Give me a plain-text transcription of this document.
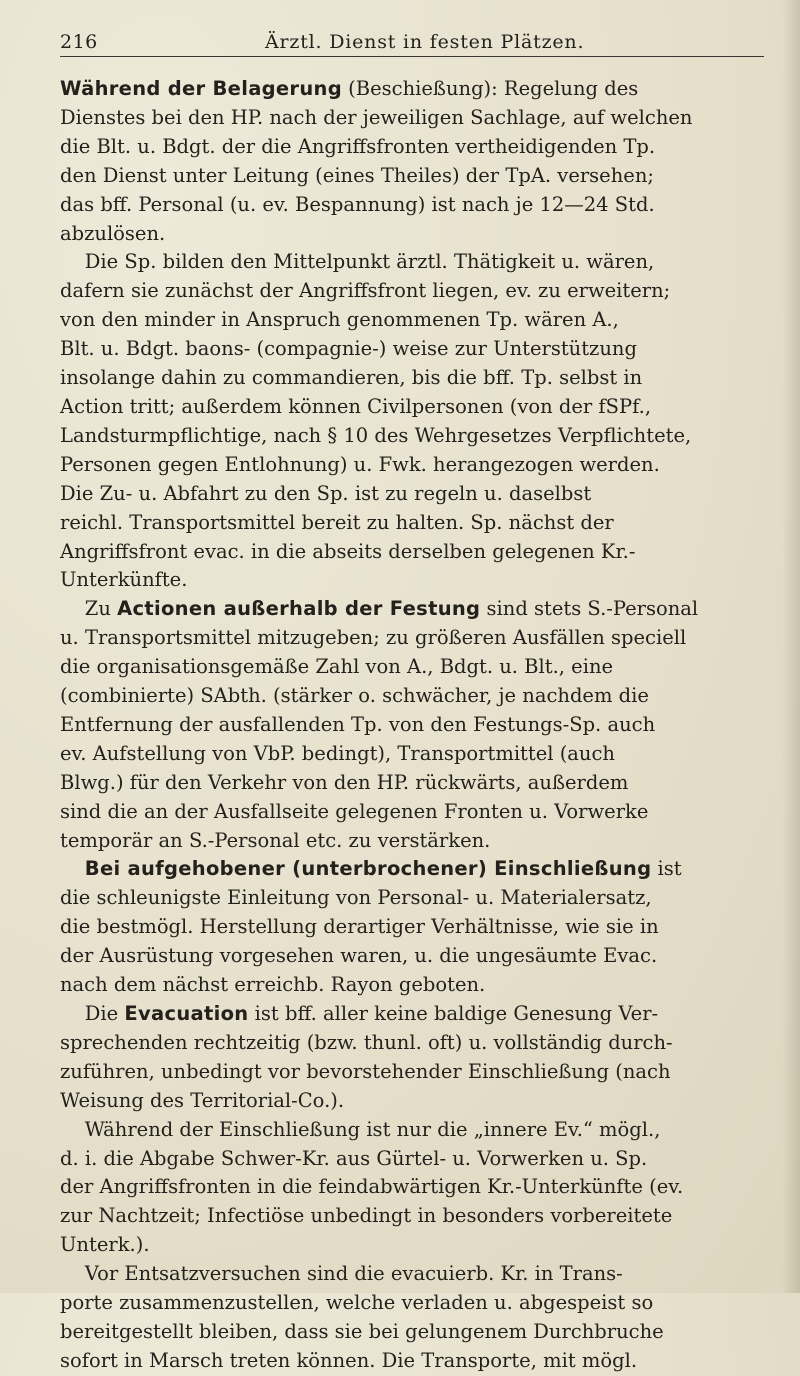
216	Ärztl. Dienst in festen Plätzen.
Während der Belagerung (Beschießung): Regelung des
Dienstes bei den HP. nach der jeweiligen Sachlage, auf welchen
die Blt. u. Bdgt. der die Angriffsfronten vertheidigenden Tp.
den Dienst unter Leitung (eines Theiles) der TpA. versehen;
das bff. Personal (u. ev. Bespannung) ist nach je 12—24 Std.
abzulösen.
Die Sp. bilden den Mittelpunkt ärztl. Thätigkeit u. wären,
dafern sie zunächst der Angriffsfront liegen, ev. zu erweitern;
von den minder in Anspruch genommenen Tp. wären A.,
Blt. u. Bdgt. baons- (compagnie-) weise zur Unterstützung
insolange dahin zu commandieren, bis die bff. Tp. selbst in
Action tritt; außerdem können Civilpersonen (von der fSPf.,
Landsturmpflichtige, nach § 10 des Wehrgesetzes Verpflichtete,
Personen gegen Entlohnung) u. Fwk. herangezogen werden.
Die Zu- u. Abfahrt zu den Sp. ist zu regeln u. daselbst
reichl. Transportsmittel bereit zu halten. Sp. nächst der
Angriffsfront evac. in die abseits derselben gelegenen Kr.-
Unterkünfte.
Zu Actionen außerhalb der Festung sind stets S.-Personal
u. Transportsmittel mitzugeben; zu größeren Ausfällen speciell
die organisationsgemäße Zahl von A., Bdgt. u. Blt., eine
(combinierte) SAbth. (stärker o. schwächer, je nachdem die
Entfernung der ausfallenden Tp. von den Festungs-Sp. auch
ev. Aufstellung von VbP. bedingt), Transportmittel (auch
Blwg.) für den Verkehr von den HP. rückwärts, außerdem
sind die an der Ausfallseite gelegenen Fronten u. Vorwerke
temporär an S.-Personal etc. zu verstärken.
Bei aufgehobener (unterbrochener) Einschließung ist
die schleunigste Einleitung von Personal- u. Materialersatz,
die bestmögl. Herstellung derartiger Verhältnisse, wie sie in
der Ausrüstung vorgesehen waren, u. die ungesäumte Evac.
nach dem nächst erreichb. Rayon geboten.
Die Evacuation ist bff. aller keine baldige Genesung Ver-
sprechenden rechtzeitig (bzw. thunl. oft) u. vollständig durch-
zuführen, unbedingt vor bevorstehender Einschließung (nach
Weisung des Territorial-Co.).
Während der Einschließung ist nur die „innere Ev.“ mögl.,
d. i. die Abgabe Schwer-Kr. aus Gürtel- u. Vorwerken u. Sp.
der Angriffsfronten in die feindabwärtigen Kr.-Unterkünfte (ev.
zur Nachtzeit; Infectiöse unbedingt in besonders vorbereitete
Unterk.).
Vor Entsatzversuchen sind die evacuierb. Kr. in Trans-
porte zusammenzustellen, welche verladen u. abgespeist so
bereitgestellt bleiben, dass sie bei gelungenem Durchbruche
sofort in Marsch treten können. Die Transporte, mit mögl.
